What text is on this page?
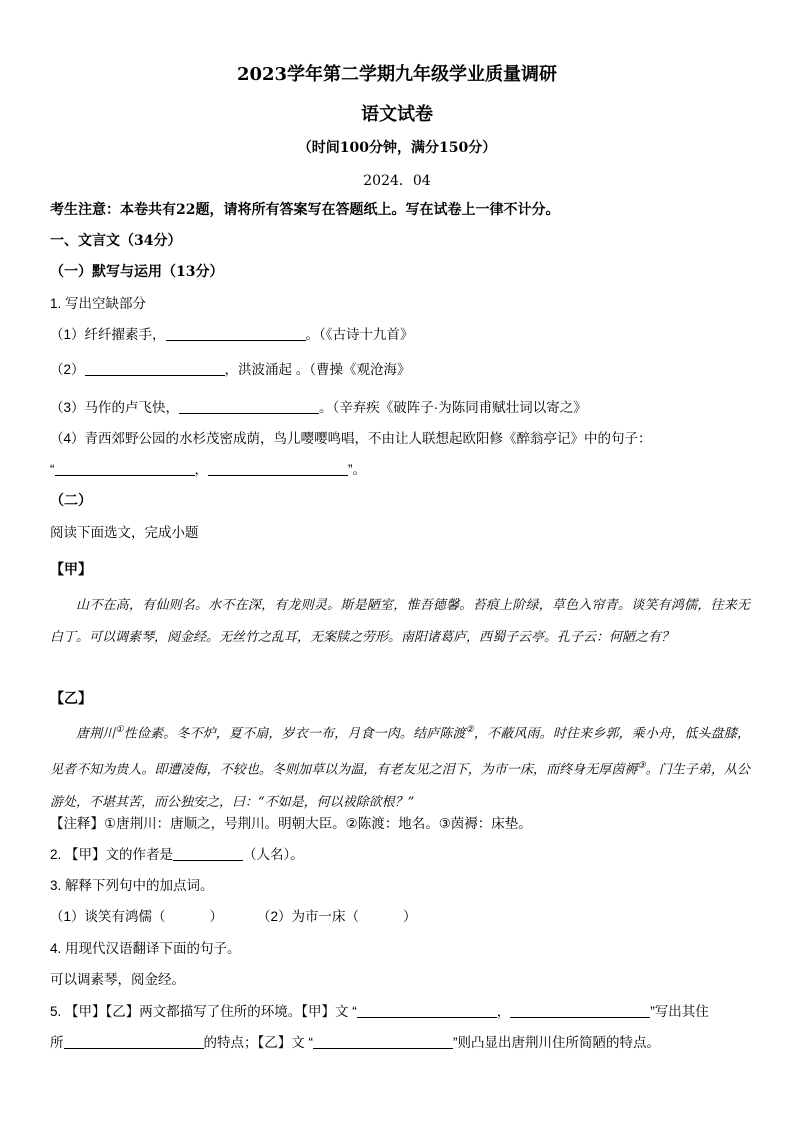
2023学年第二学期九年级学业质量调研
语文试卷
（时间100分钟，满分150分）
2024．04
考生注意：本卷共有22题，请将所有答案写在答题纸上。写在试卷上一律不计分。
一、文言文（34分）
（一）默写与运用（13分）
1. 写出空缺部分
（1）纤纤擢素手，	。（《古诗十九首》
（2）	，洪波涌起 。（曹操《观沧海》
（3）马作的卢飞快，	。（辛弃疾《破阵子·为陈同甫赋壮词以寄之》
（4）青西郊野公园的水杉茂密成荫，鸟儿嘤嘤鸣唱，不由让人联想起欧阳修《醉翁亭记》中的句子：
“	，	”。
（二）
阅读下面选文，完成小题
【甲】
山不在高，有仙则名。水不在深，有龙则灵。斯是陋室，惟吾德馨。苔痕上阶绿，草色入帘青。谈笑有鸿儒，往来无白丁。可以调素琴，阅金经。无丝竹之乱耳，无案牍之劳形。南阳诸葛庐，西蜀子云亭。孔子云：何陋之有？
【乙】
唐荆川①性俭素。冬不炉，夏不扇，岁衣一布，月食一肉。结庐陈渡②，不蔽风雨。时往来乡郭，乘小舟，低头盘膝，见者不知为贵人。即遭凌侮，不较也。冬则加草以为温，有老友见之泪下，为市一床，而终身无厚茵褥③。门生子弟，从公游处，不堪其苦，而公独安之，曰：“不如是，何以祓除欲根？”
【注释】①唐荆川：唐顺之，号荆川。明朝大臣。②陈渡：地名。③茵褥：床垫。
2. 【甲】文的作者是	（人名）。
3. 解释下列句中的加点词。
（1）谈笑有鸿儒（	）	（2）为市一床（	）
4. 用现代汉语翻译下面的句子。
可以调素琴，阅金经。
5. 【甲】【乙】两文都描写了住所的环境。【甲】文 “	，	”写出其住
所	的特点；【乙】文 “	”则凸显出唐荆川住所简陋的特点。
